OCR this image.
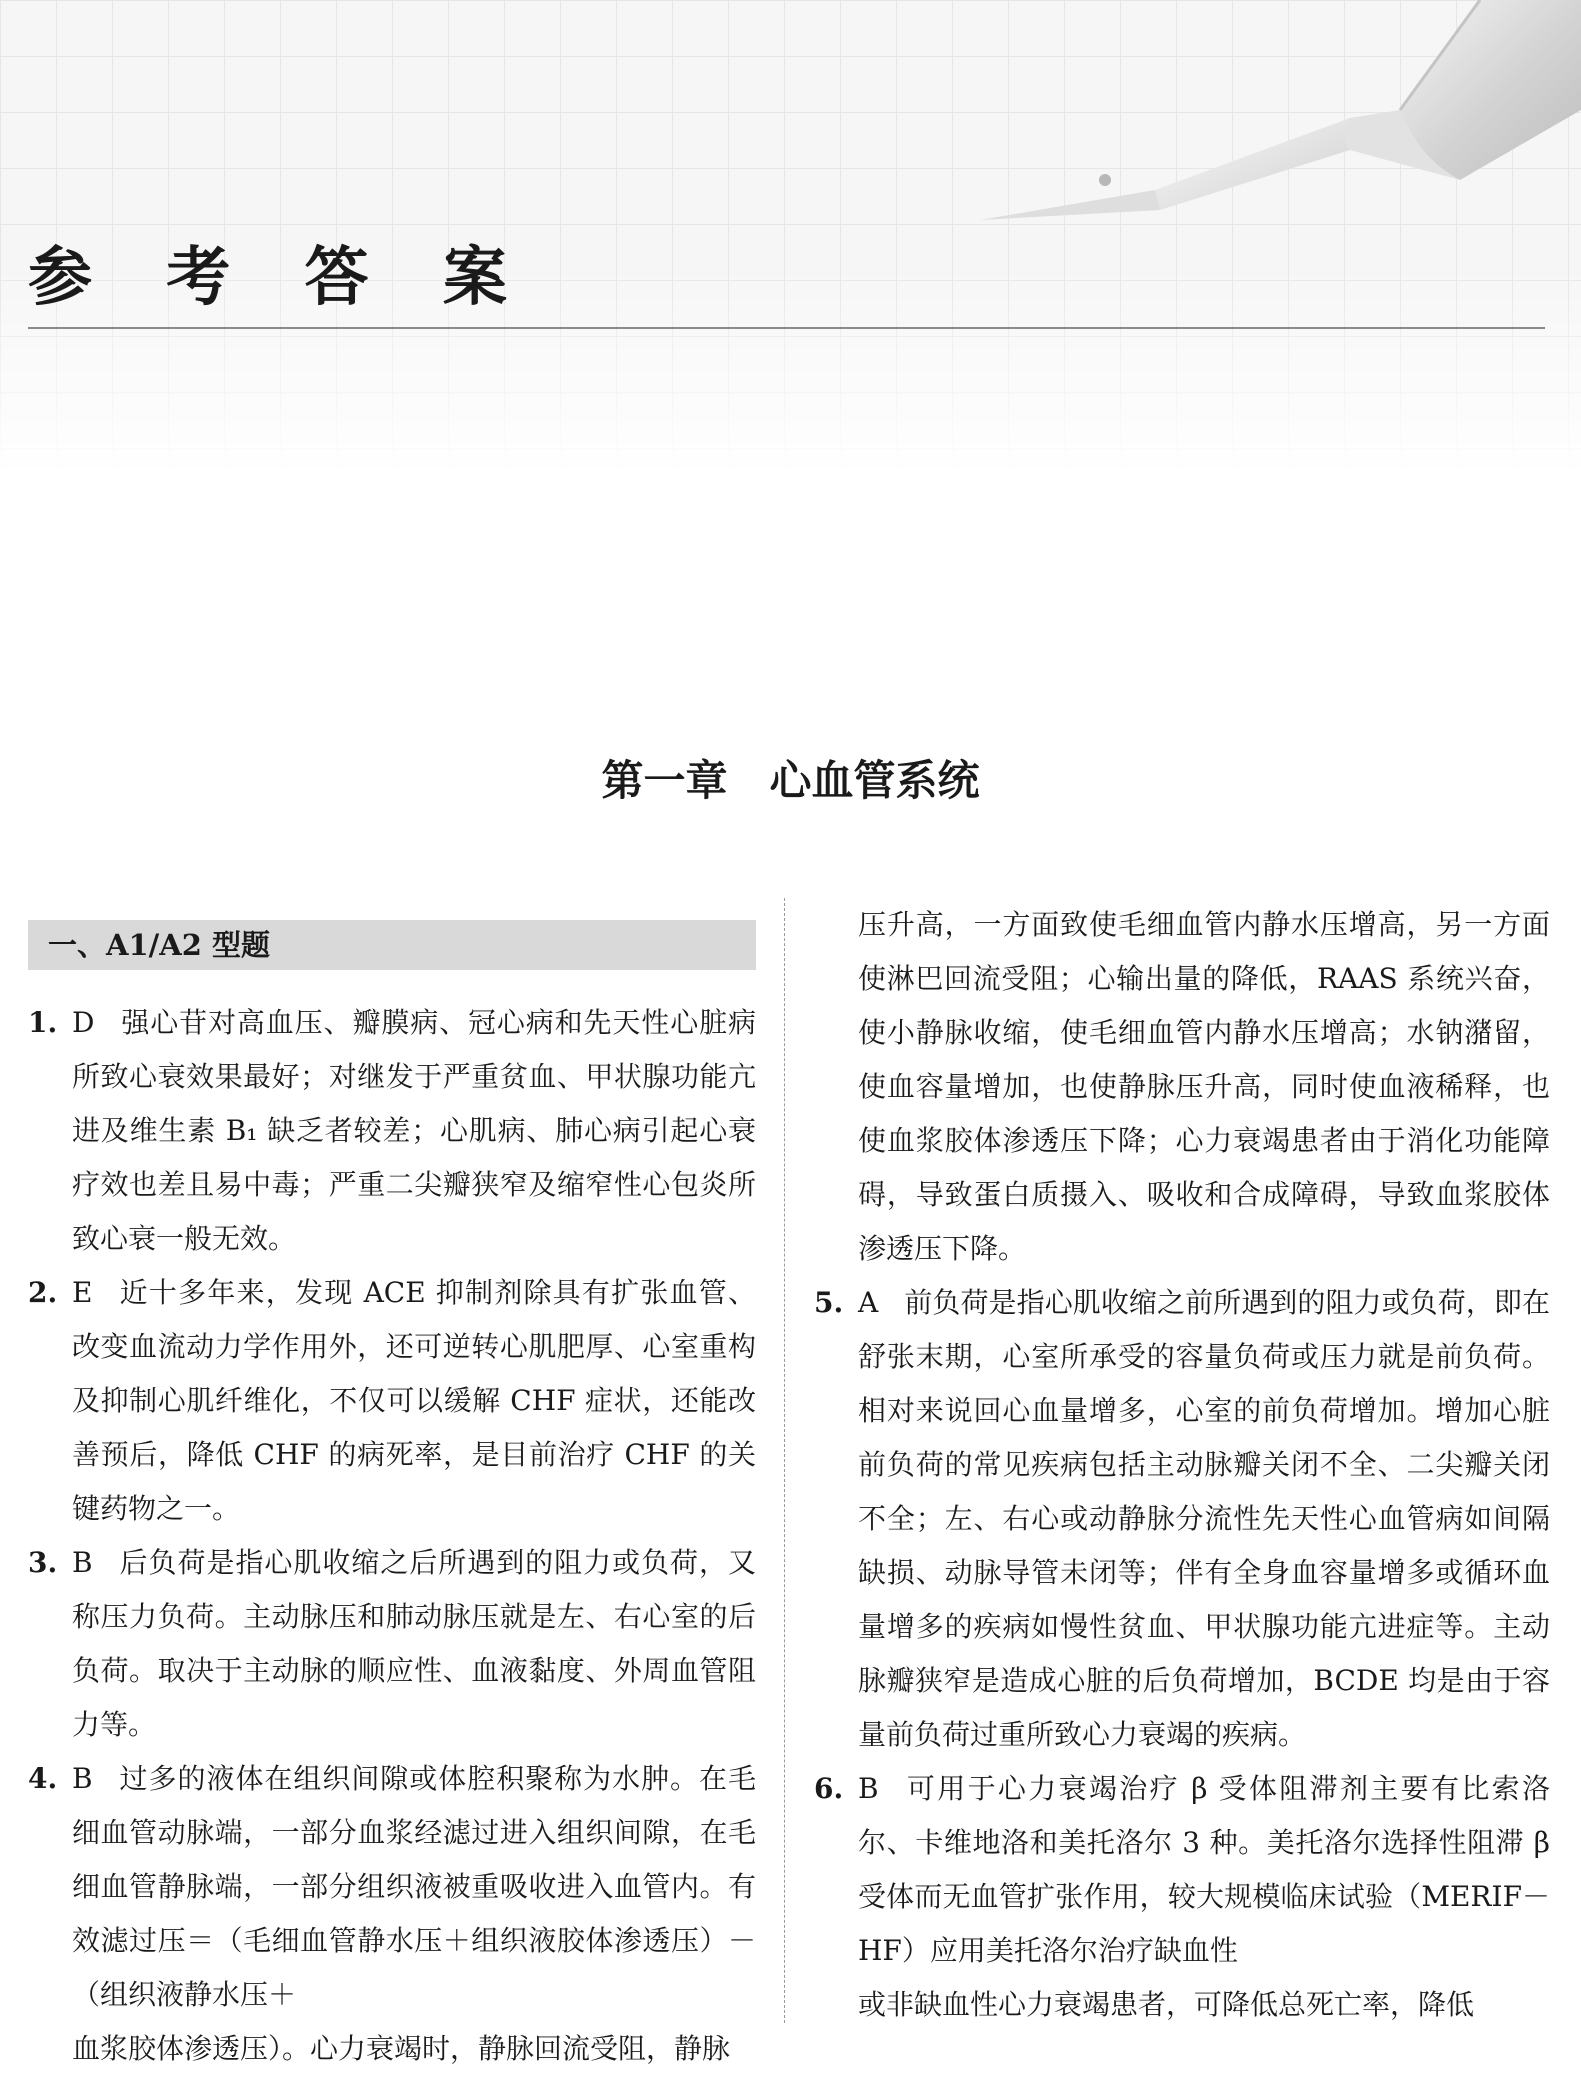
参 考 答 案
第一章　心血管系统
一、A1/A2 型题
1. D 强心苷对高血压、瓣膜病、冠心病和先天性心脏病所致心衰效果最好；对继发于严重贫血、甲状腺功能亢进及维生素 B₁ 缺乏者较差；心肌病、肺心病引起心衰疗效也差且易中毒；严重二尖瓣狭窄及缩窄性心包炎所致心衰一般无效。
2. E 近十多年来，发现 ACE 抑制剂除具有扩张血管、改变血流动力学作用外，还可逆转心肌肥厚、心室重构及抑制心肌纤维化，不仅可以缓解 CHF 症状，还能改善预后，降低 CHF 的病死率，是目前治疗 CHF 的关键药物之一。
3. B 后负荷是指心肌收缩之后所遇到的阻力或负荷，又称压力负荷。主动脉压和肺动脉压就是左、右心室的后负荷。取决于主动脉的顺应性、血液黏度、外周血管阻力等。
4. B 过多的液体在组织间隙或体腔积聚称为水肿。在毛细血管动脉端，一部分血浆经滤过进入组织间隙，在毛细血管静脉端，一部分组织液被重吸收进入血管内。有效滤过压＝（毛细血管静水压＋组织液胶体渗透压）－（组织液静水压＋
血浆胶体渗透压）。心力衰竭时，静脉回流受阻，静脉
压升高，一方面致使毛细血管内静水压增高，另一方面使淋巴回流受阻；心输出量的降低，RAAS 系统兴奋，使小静脉收缩，使毛细血管内静水压增高；水钠潴留，使血容量增加，也使静脉压升高，同时使血液稀释，也使血浆胶体渗透压下降；心力衰竭患者由于消化功能障碍，导致蛋白质摄入、吸收和合成障碍，导致血浆胶体渗透压下降。
5. A 前负荷是指心肌收缩之前所遇到的阻力或负荷，即在舒张末期，心室所承受的容量负荷或压力就是前负荷。相对来说回心血量增多，心室的前负荷增加。增加心脏前负荷的常见疾病包括主动脉瓣关闭不全、二尖瓣关闭不全；左、右心或动静脉分流性先天性心血管病如间隔缺损、动脉导管未闭等；伴有全身血容量增多或循环血量增多的疾病如慢性贫血、甲状腺功能亢进症等。主动脉瓣狭窄是造成心脏的后负荷增加，BCDE 均是由于容量前负荷过重所致心力衰竭的疾病。
6. B 可用于心力衰竭治疗 β 受体阻滞剂主要有比索洛尔、卡维地洛和美托洛尔 3 种。美托洛尔选择性阻滞 β 受体而无血管扩张作用，较大规模临床试验（MERIF－HF）应用美托洛尔治疗缺血性
或非缺血性心力衰竭患者，可降低总死亡率，降低
